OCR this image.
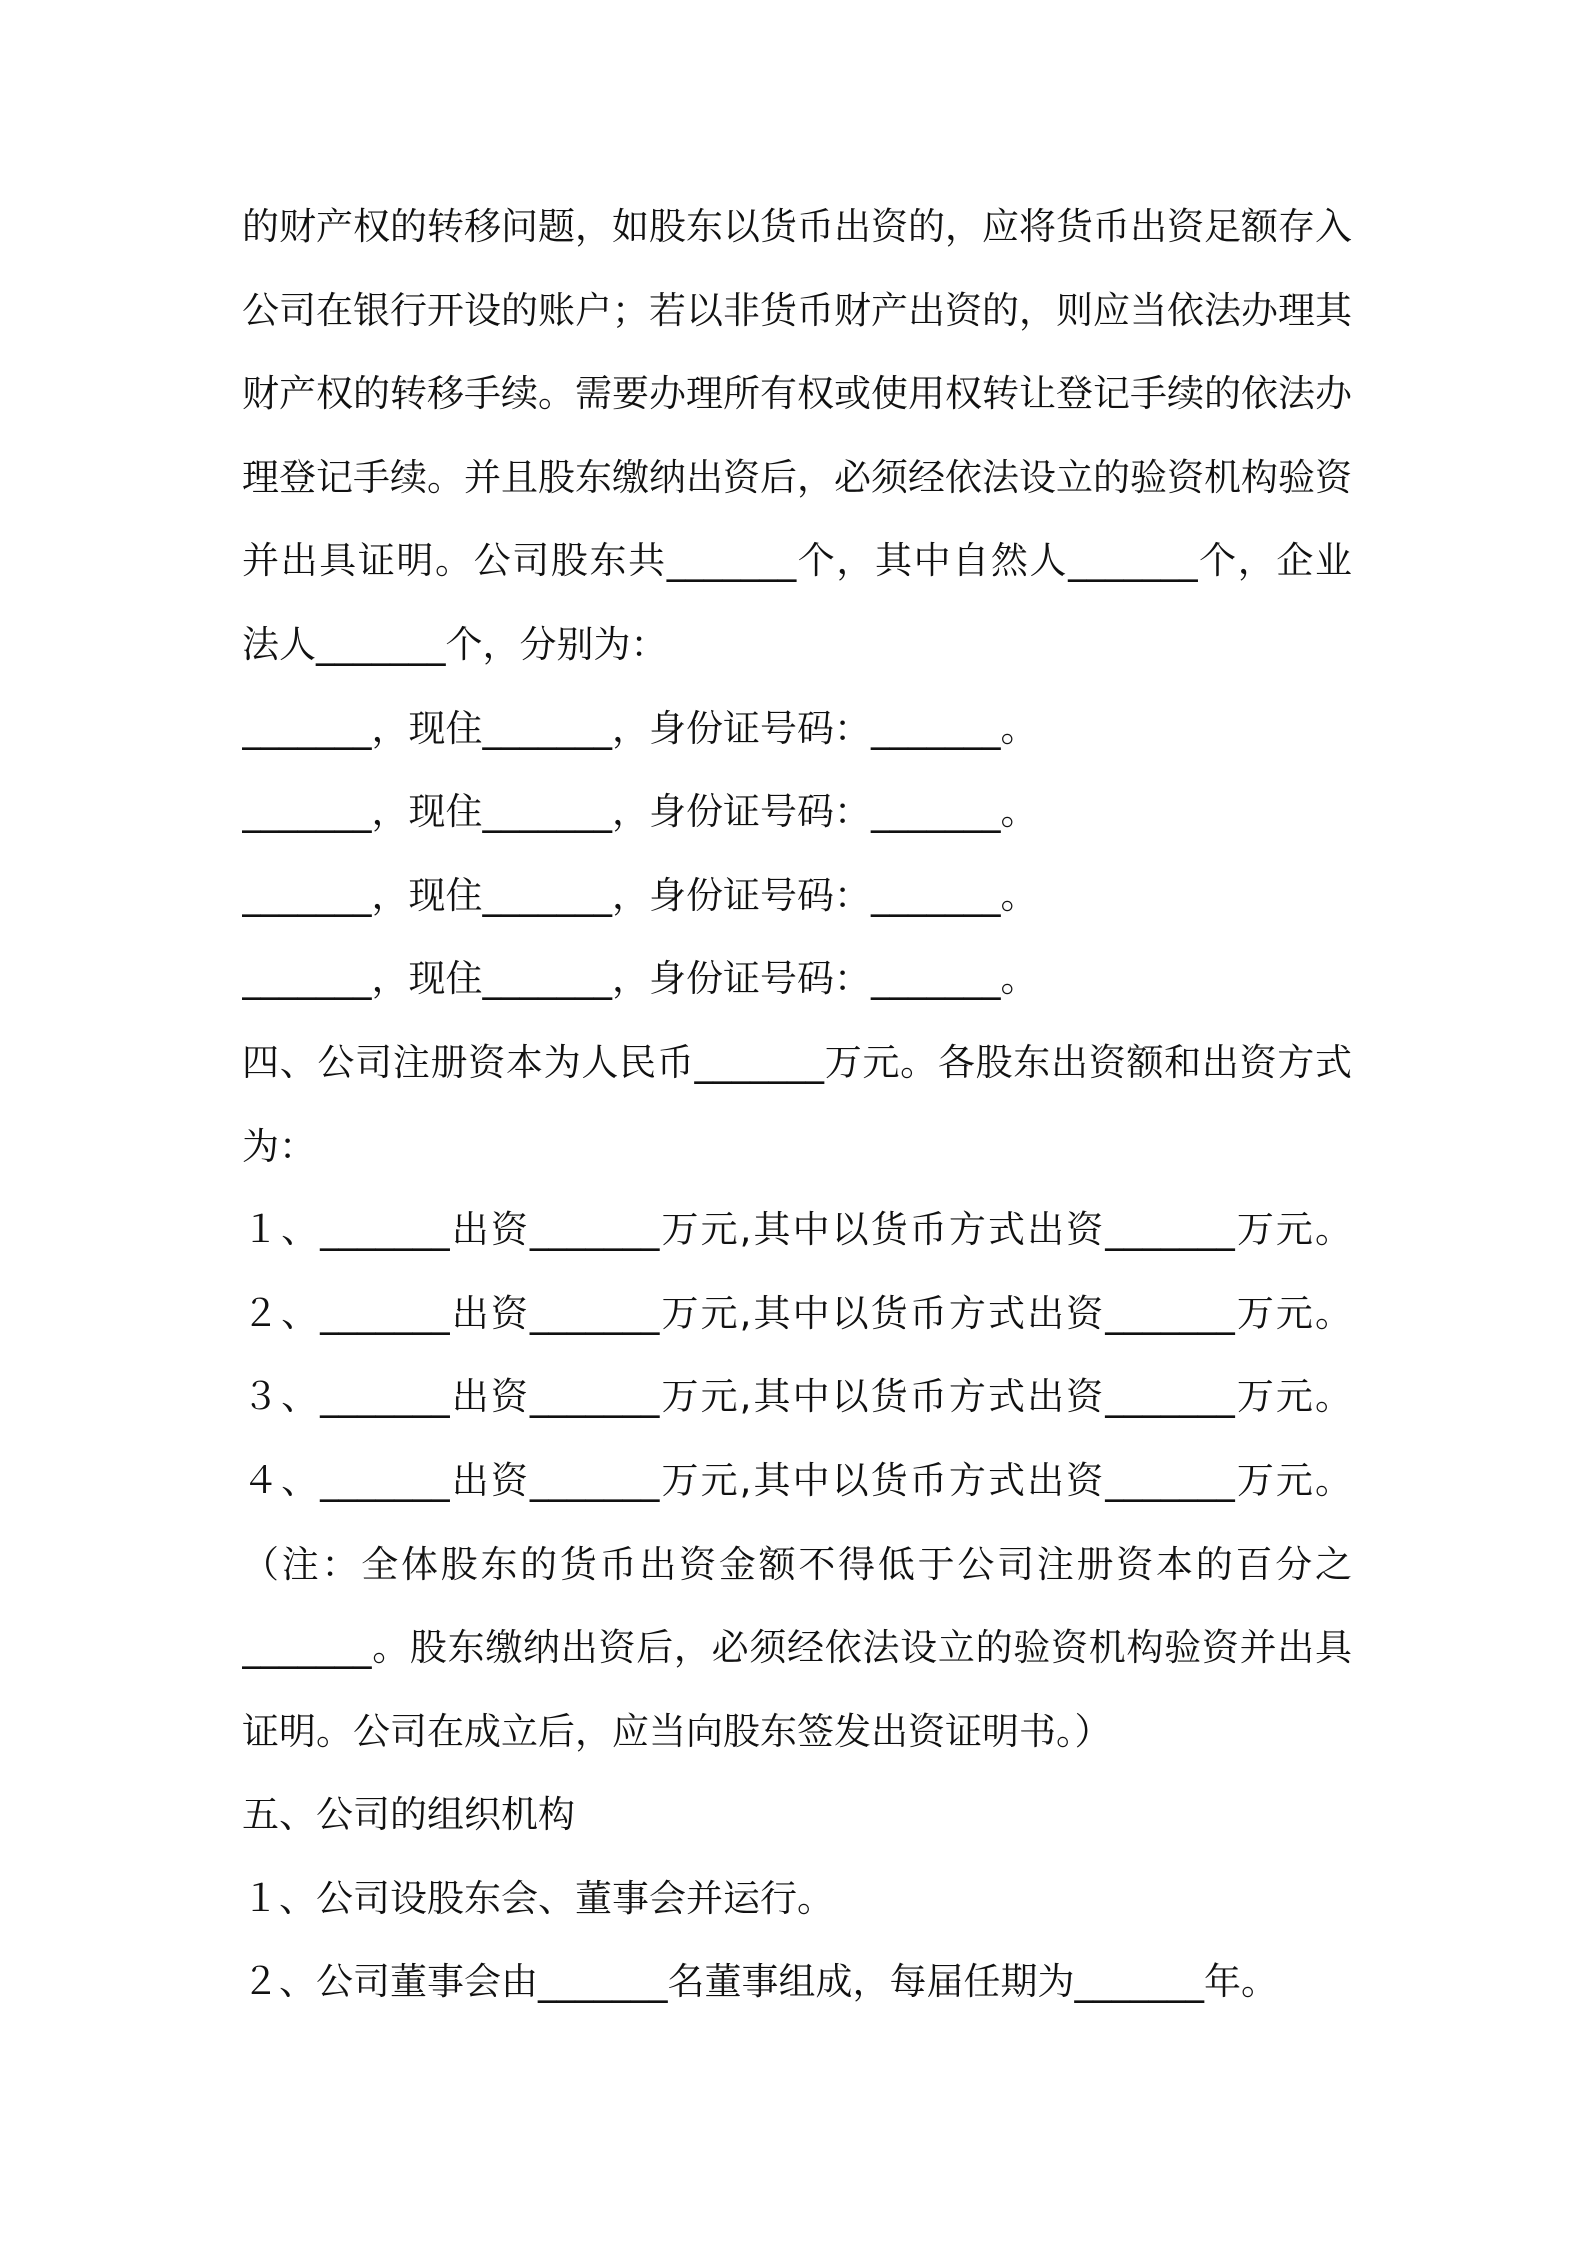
的财产权的转移问题，如股东以货币出资的，应将货币出资足额存入
公司在银行开设的账户；若以非货币财产出资的，则应当依法办理其
财产权的转移手续。需要办理所有权或使用权转让登记手续的依法办
理登记手续。并且股东缴纳出资后，必须经依法设立的验资机构验资
并出具证明。公司股东共_______个，其中自然人_______个，企业
法人_______个，分别为：
_______，现住_______，身份证号码：_______。
_______，现住_______，身份证号码：_______。
_______，现住_______，身份证号码：_______。
_______，现住_______，身份证号码：_______。
四、公司注册资本为人民币_______万元。各股东出资额和出资方式
为：
１、_______出资_______万元,其中以货币方式出资_______万元。
２、_______出资_______万元,其中以货币方式出资_______万元。
３、_______出资_______万元,其中以货币方式出资_______万元。
４、_______出资_______万元,其中以货币方式出资_______万元。
（注：全体股东的货币出资金额不得低于公司注册资本的百分之
_______。股东缴纳出资后，必须经依法设立的验资机构验资并出具
证明。公司在成立后，应当向股东签发出资证明书。）
五、公司的组织机构
１、公司设股东会、董事会并运行。
２、公司董事会由_______名董事组成，每届任期为_______年。
